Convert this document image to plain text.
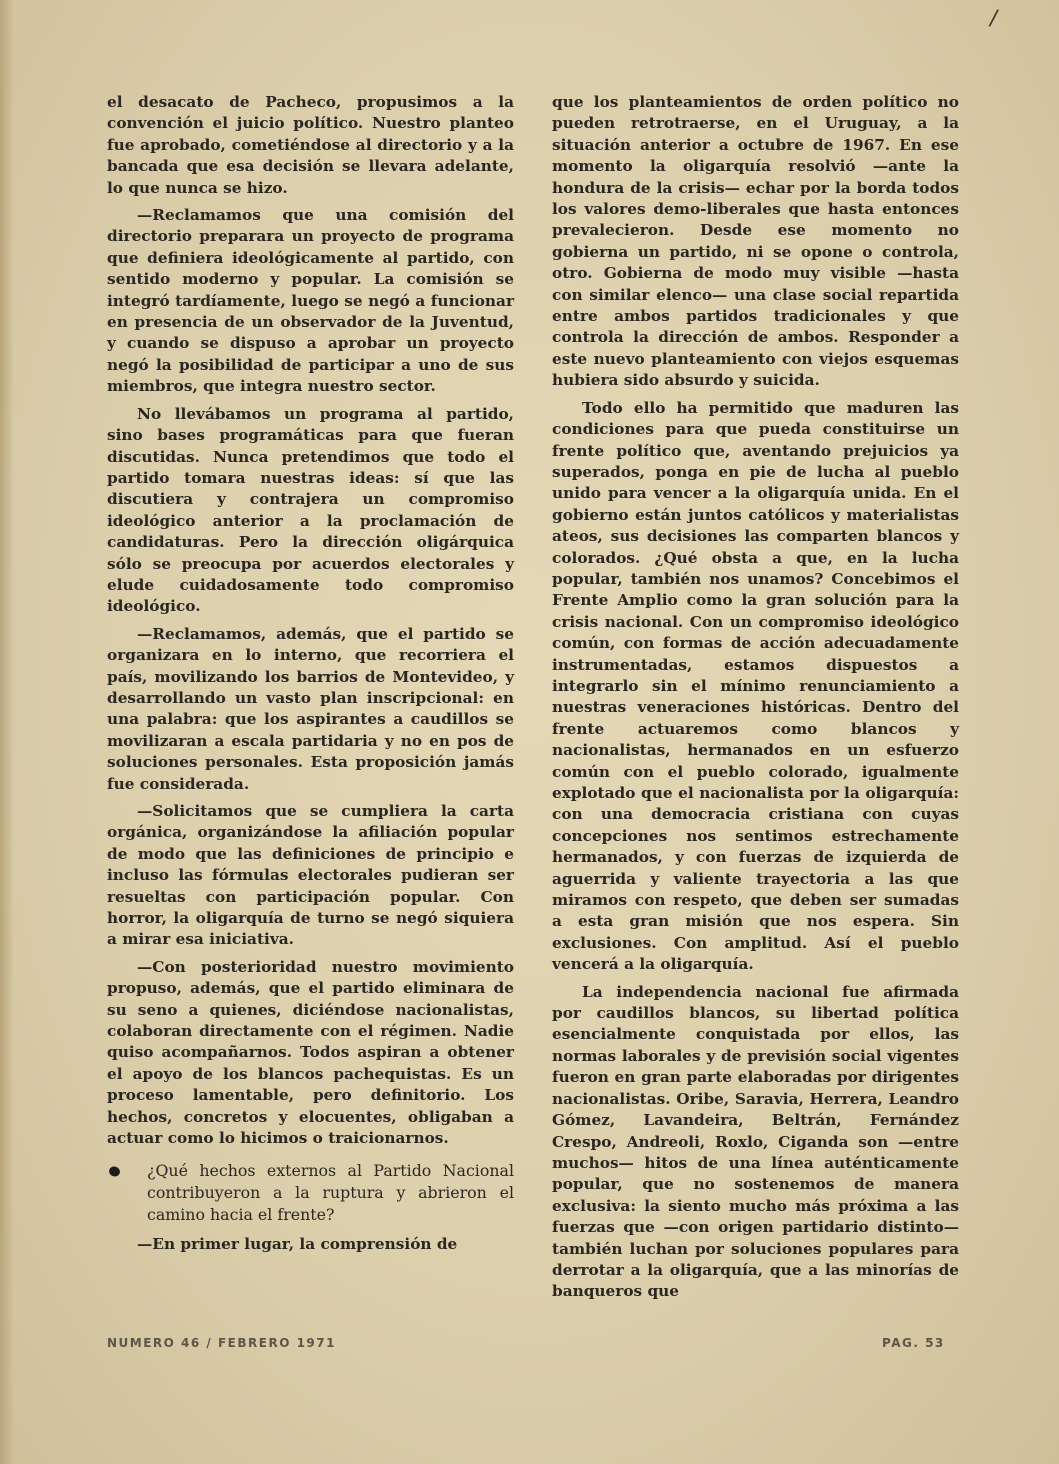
/

el desacato de Pacheco, propusimos a la convención el juicio político. Nuestro planteo fue aprobado, cometiéndose al directorio y a la bancada que esa decisión se llevara adelante, lo que nunca se hizo.

—Reclamamos que una comisión del directorio preparara un proyecto de programa que definiera ideológicamente al partido, con sentido moderno y popular. La comisión se integró tardíamente, luego se negó a funcionar en presencia de un observador de la Juventud, y cuando se dispuso a aprobar un proyecto negó la posibilidad de participar a uno de sus miembros, que integra nuestro sector.

No llevábamos un programa al partido, sino bases programáticas para que fueran discutidas. Nunca pretendimos que todo el partido tomara nuestras ideas: sí que las discutiera y contrajera un compromiso ideológico anterior a la proclamación de candidaturas. Pero la dirección oligárquica sólo se preocupa por acuerdos electorales y elude cuidadosamente todo compromiso ideológico.

—Reclamamos, además, que el partido se organizara en lo interno, que recorriera el país, movilizando los barrios de Montevideo, y desarrollando un vasto plan inscripcional: en una palabra: que los aspirantes a caudillos se movilizaran a escala partidaria y no en pos de soluciones personales. Esta proposición jamás fue considerada.

—Solicitamos que se cumpliera la carta orgánica, organizándose la afiliación popular de modo que las definiciones de principio e incluso las fórmulas electorales pudieran ser resueltas con participación popular. Con horror, la oligarquía de turno se negó siquiera a mirar esa iniciativa.

—Con posterioridad nuestro movimiento propuso, además, que el partido eliminara de su seno a quienes, diciéndose nacionalistas, colaboran directamente con el régimen. Nadie quiso acompañarnos. Todos aspiran a obtener el apoyo de los blancos pachequistas. Es un proceso lamentable, pero definitorio. Los hechos, concretos y elocuentes, obligaban a actuar como lo hicimos o traicionarnos.

¿Qué hechos externos al Partido Nacional contribuyeron a la ruptura y abrieron el camino hacia el frente?

—En primer lugar, la comprensión de

que los planteamientos de orden político no pueden retrotraerse, en el Uruguay, a la situación anterior a octubre de 1967. En ese momento la oligarquía resolvió —ante la hondura de la crisis— echar por la borda todos los valores demo-liberales que hasta entonces prevalecieron. Desde ese momento no gobierna un partido, ni se opone o controla, otro. Gobierna de modo muy visible —hasta con similar elenco— una clase social repartida entre ambos partidos tradicionales y que controla la dirección de ambos. Responder a este nuevo planteamiento con viejos esquemas hubiera sido absurdo y suicida.

Todo ello ha permitido que maduren las condiciones para que pueda constituirse un frente político que, aventando prejuicios ya superados, ponga en pie de lucha al pueblo unido para vencer a la oligarquía unida. En el gobierno están juntos católicos y materialistas ateos, sus decisiones las comparten blancos y colorados. ¿Qué obsta a que, en la lucha popular, también nos unamos? Concebimos el Frente Amplio como la gran solución para la crisis nacional. Con un compromiso ideológico común, con formas de acción adecuadamente instrumentadas, estamos dispuestos a integrarlo sin el mínimo renunciamiento a nuestras veneraciones históricas. Dentro del frente actuaremos como blancos y nacionalistas, hermanados en un esfuerzo común con el pueblo colorado, igualmente explotado que el nacionalista por la oligarquía: con una democracia cristiana con cuyas concepciones nos sentimos estrechamente hermanados, y con fuerzas de izquierda de aguerrida y valiente trayectoria a las que miramos con respeto, que deben ser sumadas a esta gran misión que nos espera. Sin exclusiones. Con amplitud. Así el pueblo vencerá a la oligarquía.

La independencia nacional fue afirmada por caudillos blancos, su libertad política esencialmente conquistada por ellos, las normas laborales y de previsión social vigentes fueron en gran parte elaboradas por dirigentes nacionalistas. Oribe, Saravia, Herrera, Leandro Gómez, Lavandeira, Beltrán, Fernández Crespo, Andreoli, Roxlo, Cigandа son —entre muchos— hitos de una línea auténticamente popular, que no sostenemos de manera exclusiva: la siento mucho más próxima a las fuerzas que —con origen partidario distinto— también luchan por soluciones populares para derrotar a la oligarquía, que a las minorías de banqueros que

NUMERO 46 / FEBRERO 1971	PAG. 53
